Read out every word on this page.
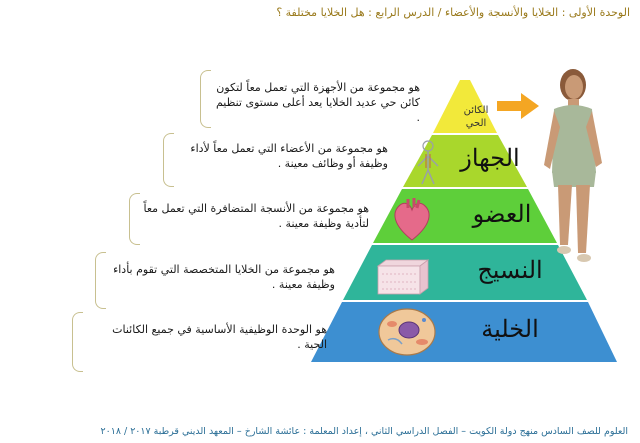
الوحدة الأولى : الخلايا والأنسجة والأعضاء / الدرس الرابع : هل الخلايا مختلفة ؟
الجهاز
العضو
النسيج
الخلية
الكائن الحي
هو مجموعة من الأجهزة التي تعمل معاً لتكون كائن حي عديد الخلايا يعد أعلى مستوى تنظيم .
هو مجموعة من الأعضاء التي تعمل معاً لأداء وظيفة أو وظائف معينة .
هو مجموعة من الأنسجة المتضافرة التي تعمل معاً لتأدية وظيفة معينة .
هو مجموعة من الخلايا المتخصصة التي تقوم بأداء وظيفة معينة .
هو الوحدة الوظيفية الأساسية في جميع الكائنات الحية .
العلوم للصف السادس منهج دولة الكويت – الفصل الدراسي الثاني ، إعداد المعلمة : عائشة الشارخ – المعهد الديني قرطبة ٢٠١٧ / ٢٠١٨
